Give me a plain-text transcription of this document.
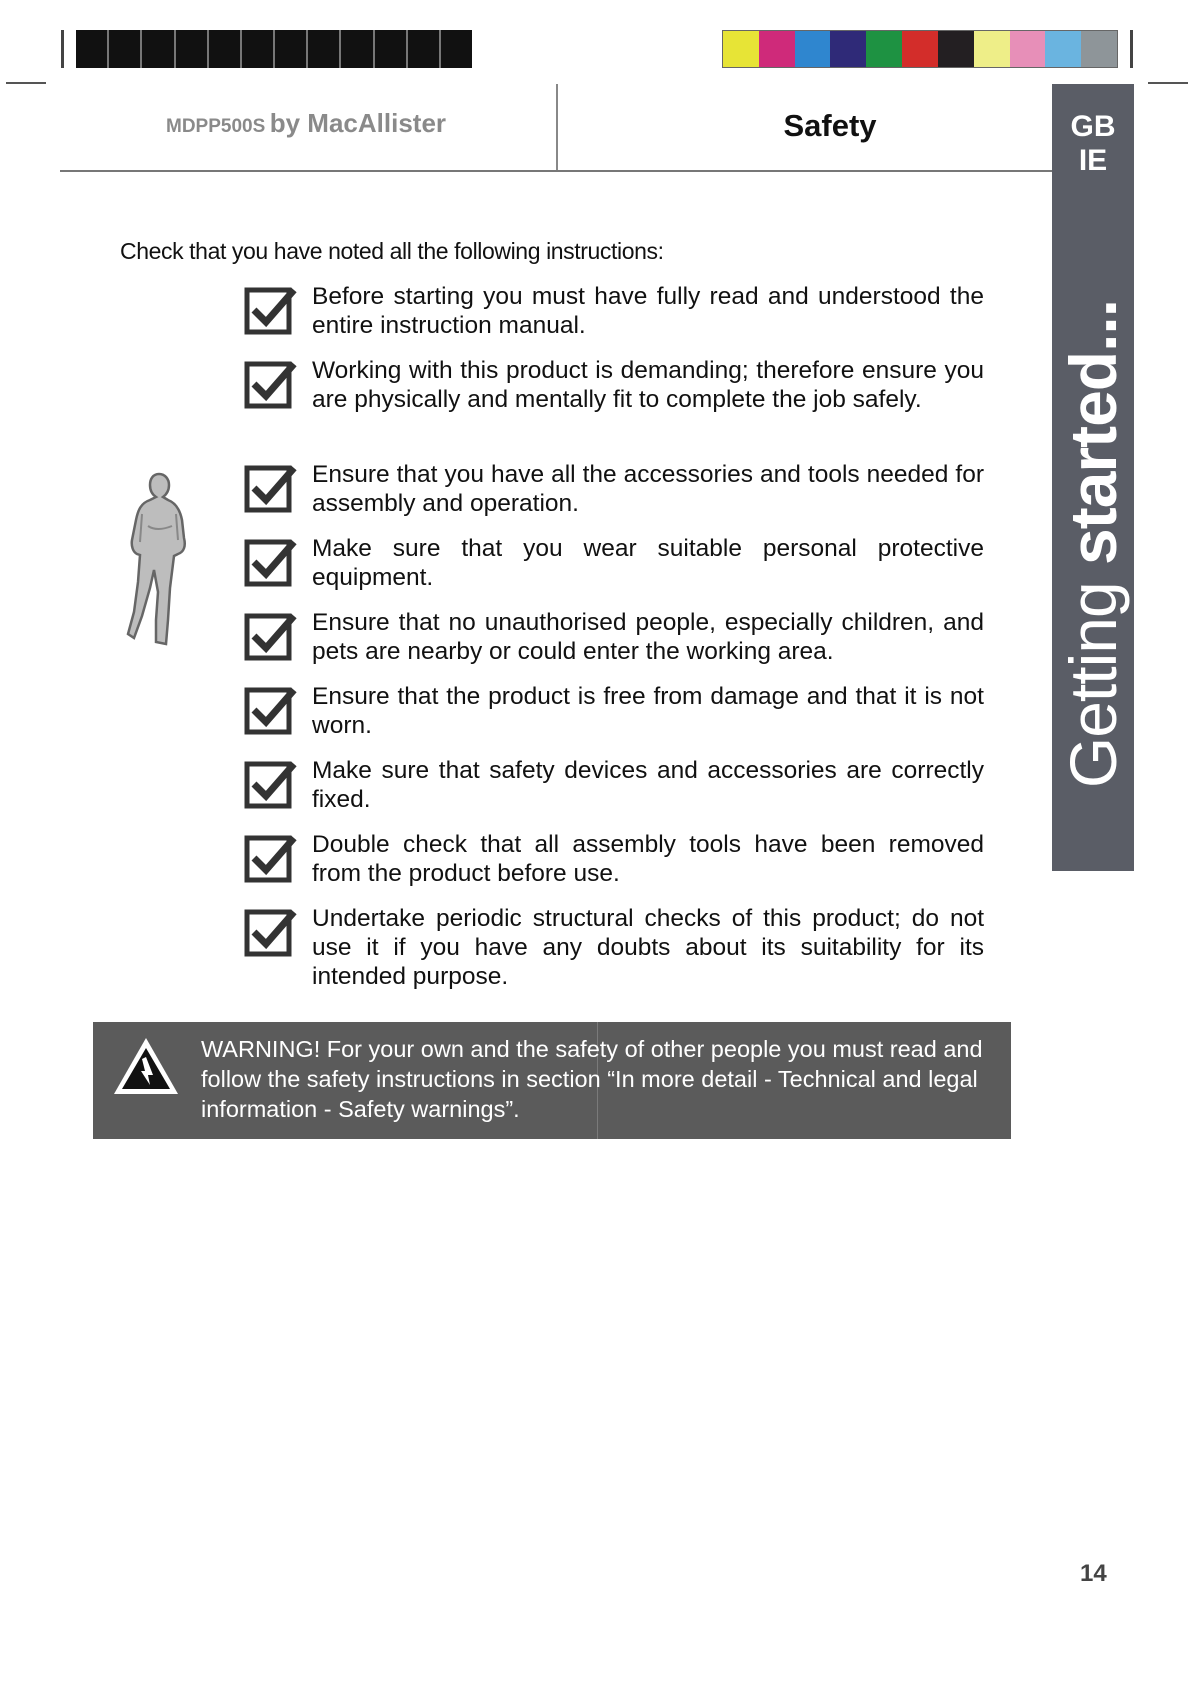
MDPP500S by MacAllister	Safety	GB
IE
Getting started...
Check that you have noted all the following instructions:
Before starting you must have fully read and understood the entire instruction manual.
Working with this product is demanding; therefore ensure you are physically and mentally fit to complete the job safely.
Ensure that you have all the accessories and tools needed for assembly and operation.
Make sure that you wear suitable personal protective equipment.
Ensure that no unauthorised people, especially children, and pets are nearby or could enter the working area.
Ensure that the product is free from damage and that it is not worn.
Make sure that safety devices and accessories are correctly fixed.
Double check that all assembly tools have been removed from the product before use.
Undertake periodic structural checks of this product; do not use it if you have any doubts about its suitability for its intended purpose.
WARNING! For your own and the safety of other people you must read and follow the safety instructions in section “In more detail - Technical and legal information - Safety warnings”.
14
